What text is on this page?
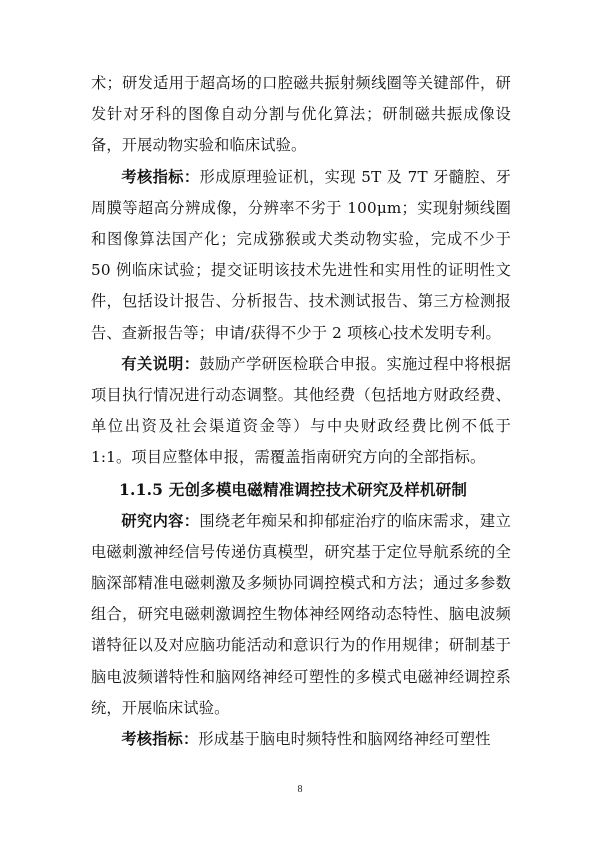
术；研发适用于超高场的口腔磁共振射频线圈等关键部件，研发针对牙科的图像自动分割与优化算法；研制磁共振成像设备，开展动物实验和临床试验。

考核指标：形成原理验证机，实现 5T 及 7T 牙髓腔、牙周膜等超高分辨成像，分辨率不劣于 100μm；实现射频线圈和图像算法国产化；完成猕猴或犬类动物实验，完成不少于 50 例临床试验；提交证明该技术先进性和实用性的证明性文件，包括设计报告、分析报告、技术测试报告、第三方检测报告、查新报告等；申请/获得不少于 2 项核心技术发明专利。

有关说明：鼓励产学研医检联合申报。实施过程中将根据项目执行情况进行动态调整。其他经费（包括地方财政经费、单位出资及社会渠道资金等）与中央财政经费比例不低于 1:1。项目应整体申报，需覆盖指南研究方向的全部指标。

1.1.5 无创多模电磁精准调控技术研究及样机研制

研究内容：围绕老年痴呆和抑郁症治疗的临床需求，建立电磁刺激神经信号传递仿真模型，研究基于定位导航系统的全脑深部精准电磁刺激及多频协同调控模式和方法；通过多参数组合，研究电磁刺激调控生物体神经网络动态特性、脑电波频谱特征以及对应脑功能活动和意识行为的作用规律；研制基于脑电波频谱特性和脑网络神经可塑性的多模式电磁神经调控系统，开展临床试验。

考核指标：形成基于脑电时频特性和脑网络神经可塑性

8
